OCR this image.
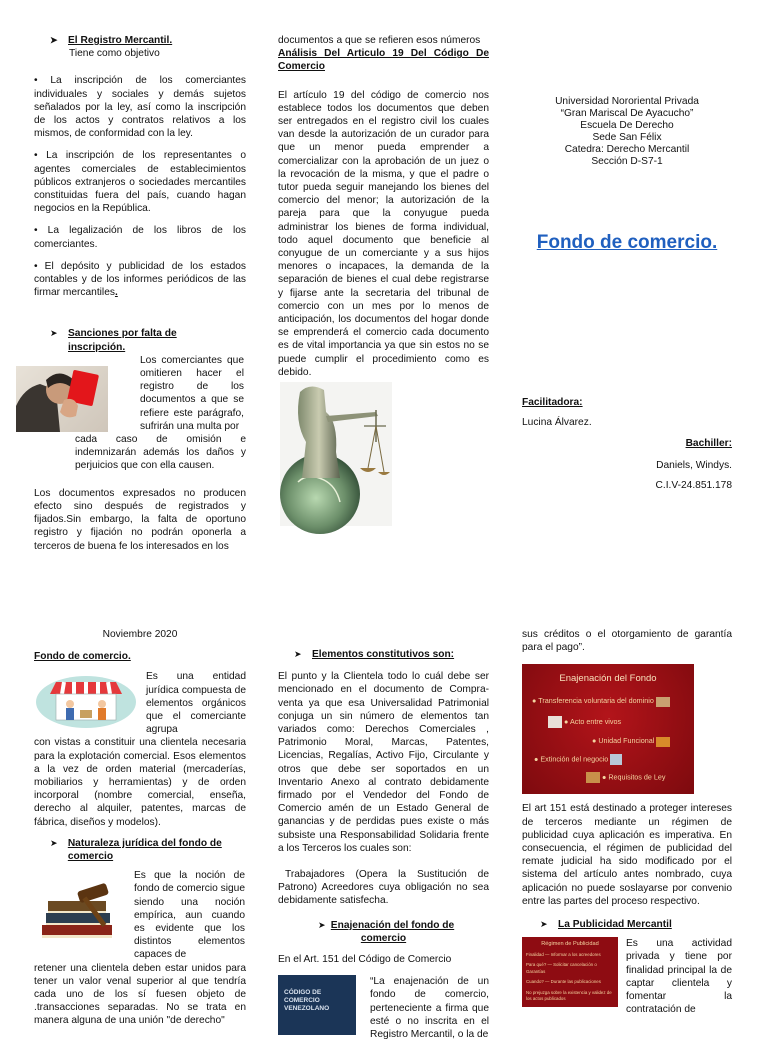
➤ El Registro Mercantil.
Tiene como objetivo

• La inscripción de los comerciantes individuales y sociales y demás sujetos señalados por la ley, así como la inscripción de los actos y contratos relativos a los mismos, de conformidad con la ley.

• La inscripción de los representantes o agentes comerciales de establecimientos públicos extranjeros o sociedades mercantiles constituidas fuera del país, cuando hagan negocios en la República.

• La legalización de los libros de los comerciantes.

• El depósito y publicidad de los estados contables y de los informes periódicos de las firmar mercantiles.

➤	Sanciones por falta de inscripción.

Los comerciantes que omitieren hacer el registro de los documentos a que se refiere este parágrafo, sufrirán una multa por

cada caso de omisión e indemnizarán además los daños y perjuicios que con ella causen.

Los documentos expresados no producen efecto sino después de registrados y fijados.Sin embargo, la falta de oportuno registro y fijación no podrán oponerla a terceros de buena fe los interesados en los

documentos a que se refieren esos números    Análisis Del Articulo 19 Del Código De Comercio

El artículo 19 del código de comercio nos establece todos los documentos que deben ser entregados en el registro civil los cuales van desde la autorización de un curador para que un menor pueda emprender a comercializar con la aprobación de un juez o la revocación de la misma, y que el padre o tutor pueda seguir manejando los bienes del comercio del menor; la autorización de la pareja para que la conyugue pueda administrar los bienes de forma individual, todo aquel documento que beneficie al conyugue de un comerciante y a sus hijos menores o incapaces, la demanda de la separación de bienes el cual debe registrarse y fijarse ante la secretaria del tribunal de comercio con un mes por lo menos de anticipación, los documentos del hogar donde se emprenderá el comercio cada documento es de vital importancia ya que sin estos no se puede cumplir el procedimiento como es debido.

Universidad Nororiental Privada
“Gran Mariscal De Ayacucho”
Escuela De Derecho
Sede San Félix
Catedra: Derecho Mercantil
Sección D-S7-1
Fondo de comercio.
Facilitadora:
Lucina Álvarez.
Bachiller:
Daniels, Windys.
C.I.V-24.851.178
Noviembre 2020
Fondo de comercio.

Es una entidad jurídica compuesta de elementos orgánicos que el comerciante agrupa

con vistas a constituir una clientela necesaria para la explotación comercial. Esos elementos a la vez de orden material (mercaderías, mobiliarios y herramientas) y de orden incorporal (nombre comercial, enseña, derecho al alquiler, patentes, marcas de fábrica, diseños y modelos).

➤	Naturaleza jurídica del fondo de comercio

Es que la noción de fondo de comercio sigue siendo una noción empírica, aun cuando es evidente que los distintos elementos capaces de

retener una clientela deben estar unidos para tener un valor venal superior al que tendría cada uno de los sí fuesen objeto de .transacciones separadas. No se trata en manera alguna de una unión "de derecho"

➤ Elementos constitutivos son:

El punto y la Clientela todo lo cuál debe ser mencionado en el documento de Compra-venta ya que esa Universalidad Patrimonial conjuga un sin número de elementos tan variados como: Derechos Comerciales , Patrimonio Moral, Marcas, Patentes, Licencias, Regalías, Activo Fijo, Circulante y otros que debe ser soportados en un Inventario Anexo al contrato debidamente firmado por el Vendedor del Fondo de Comercio amén de un Estado General de ganancias y de perdidas pues existe o más subsiste una Responsabilidad Solidaria frente a los Terceros los cuales son:

Trabajadores (Opera la Sustitución de Patrono) Acreedores cuya obligación no sea debidamente satisfecha.

➤ Enajenación del fondo de comercio
En el Art. 151 del Código de Comercio
CÓDIGO DE
COMERCIO
VENEZOLANO

“La enajenación de un fondo de comercio, perteneciente a firma que esté o no inscrita en el Registro Mercantil, o la de

sus créditos o el otorgamiento de garantía para el pago”.

Enajenación del Fondo
● Transferencia voluntaria del dominio
● Acto entre vivos
● Unidad Funcional
● Extinción del negocio
● Requisitos de Ley

El art 151 está destinado a proteger intereses de terceros mediante un régimen de publicidad cuya aplicación es imperativa. En consecuencia, el régimen de publicidad del remate judicial ha sido modificado por el sistema del artículo antes nombrado, cuya aplicación no puede soslayarse por convenio entre las partes del proceso respectivo.

➤ La Publicidad Mercantil
Régimen de Publicidad
Finalidad — Informar a los acreedores
Para qué? — Solicitar cancelación o Garantías
Cuando? — Durante las publicaciones
No prejuzga sobre la existencia y validez de los actos publicados

Es una actividad privada y tiene por finalidad principal la de captar clientela y fomentar la contratación de
